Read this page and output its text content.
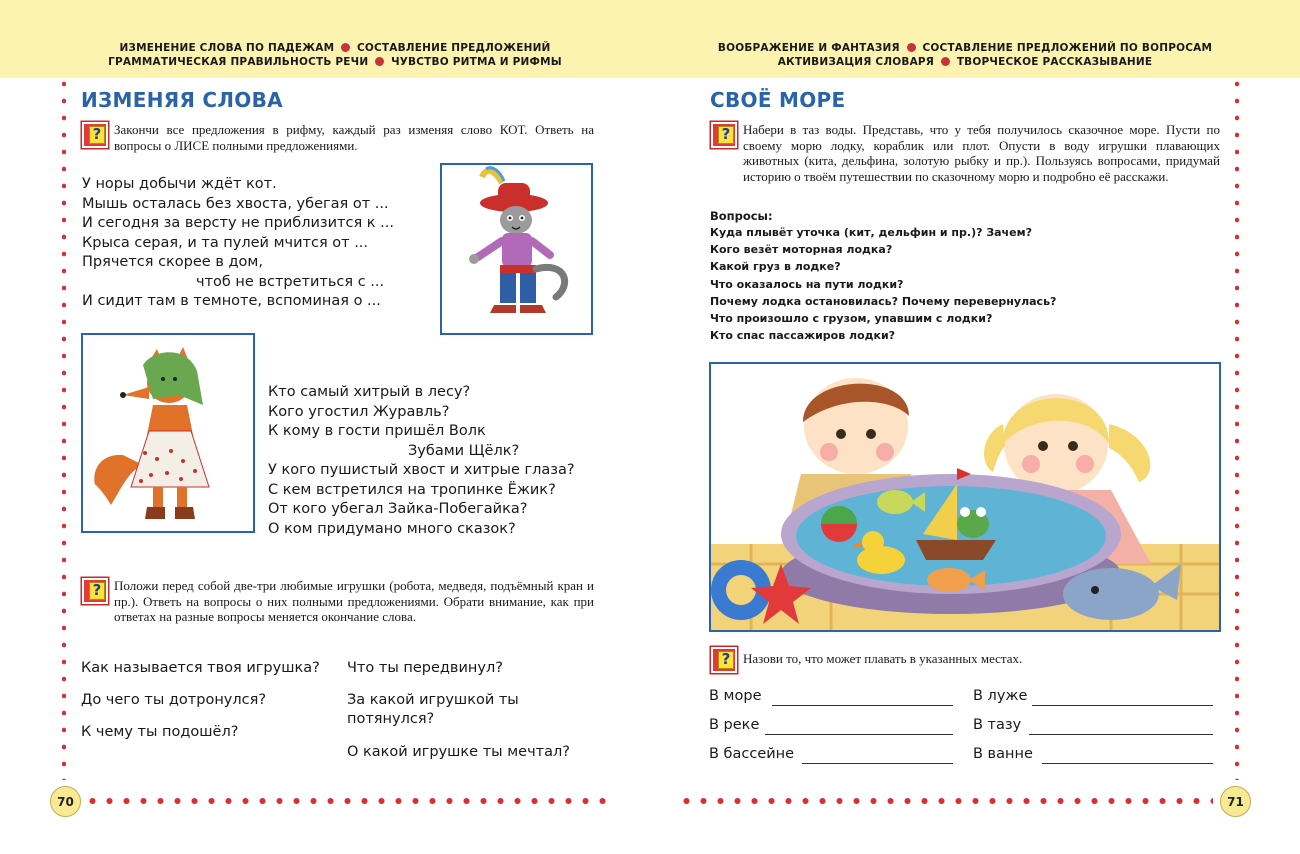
ИЗМЕНЕНИЕ СЛОВА ПО ПАДЕЖАМ СОСТАВЛЕНИЕ ПРЕДЛОЖЕНИЙ
ГРАММАТИЧЕСКАЯ ПРАВИЛЬНОСТЬ РЕЧИ ЧУВСТВО РИТМА И РИФМЫ
ВООБРАЖЕНИЕ И ФАНТАЗИЯ СОСТАВЛЕНИЕ ПРЕДЛОЖЕНИЙ ПО ВОПРОСАМ
АКТИВИЗАЦИЯ СЛОВАРЯ ТВОРЧЕСКОЕ РАССКАЗЫВАНИЕ
70	71
ИЗМЕНЯЯ СЛОВА
? Закончи все предложения в рифму, каждый раз изменяя слово КОТ. Ответь на вопросы о ЛИСЕ полными предложениями.
У норы добычи ждёт кот.
Мышь осталась без хвоста, убегая от ...
И сегодня за версту не приблизится к ...
Крыса серая, и та пулей мчится от ...
Прячется скорее в дом,
чтоб не встретиться с ...
И сидит там в темноте, вспоминая о ...
Кто самый хитрый в лесу?
Кого угостил Журавль?
К кому в гости пришёл Волк
Зубами Щёлк?
У кого пушистый хвост и хитрые глаза?
С кем встретился на тропинке Ёжик?
От кого убегал Зайка-Побегайка?
О ком придумано много сказок?
? Положи перед собой две-три любимые игрушки (робота, медведя, подъёмный кран и пр.). Ответь на вопросы о них полными предложениями. Обрати внимание, как при ответах на разные вопросы меняется окончание слова.
Как называется твоя игрушка?
До чего ты дотронулся?
К чему ты подошёл?
Что ты передвинул?
За какой игрушкой ты потянулся?
О какой игрушке ты мечтал?
СВОЁ МОРЕ
? Набери в таз воды. Представь, что у тебя получилось сказочное море. Пусти по своему морю лодку, кораблик или плот. Опусти в воду игрушки плавающих животных (кита, дельфина, золотую рыбку и пр.). Пользуясь вопросами, придумай историю о твоём путешествии по сказочному морю и подробно её расскажи.
Вопросы:
Куда плывёт уточка (кит, дельфин и пр.)? Зачем?
Кого везёт моторная лодка?
Какой груз в лодке?
Что оказалось на пути лодки?
Почему лодка остановилась? Почему перевернулась?
Что произошло с грузом, упавшим с лодки?
Кто спас пассажиров лодки?
? Назови то, что может плавать в указанных местах.
В море
В реке
В бассейне
В луже
В тазу
В ванне
